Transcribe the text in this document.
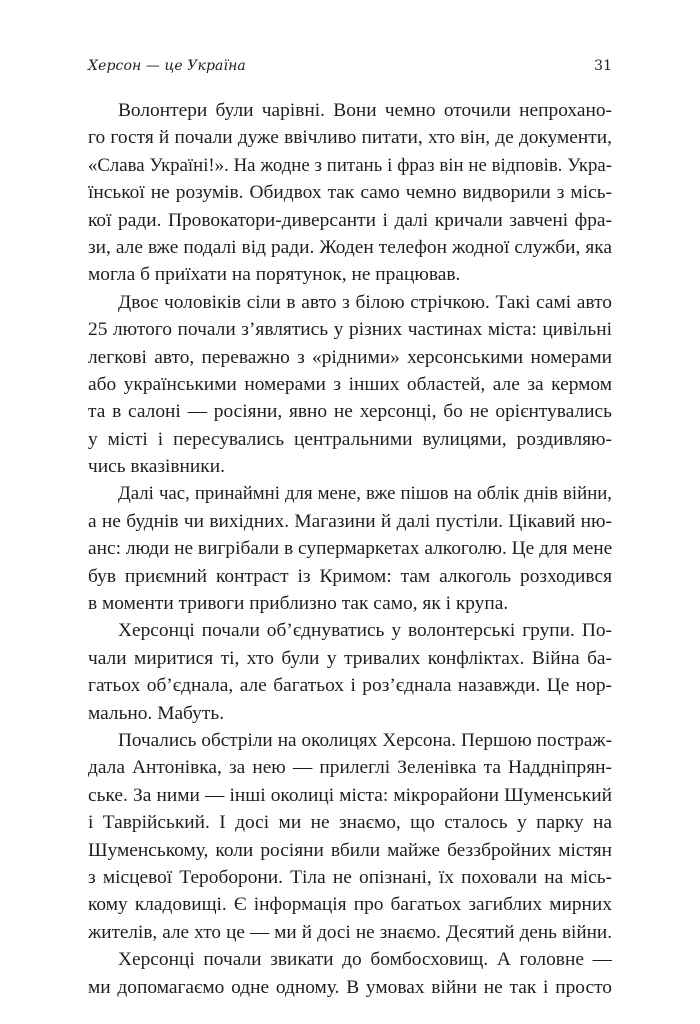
Херсон — це Україна	31
Волонтери були чарівні. Вони чемно оточили непрохано-
го гостя й почали дуже ввічливо питати, хто він, де документи,
«Слава Україні!». На жодне з питань і фраз він не відповів. Укра-
їнської не розумів. Обидвох так само чемно видворили з місь-
кої ради. Провокатори-диверсанти і далі кричали завчені фра-
зи, але вже подалі від ради. Жоден телефон жодної служби, яка
могла б приїхати на порятунок, не працював.
Двоє чоловіків сіли в авто з білою стрічкою. Такі самі авто
25 лютого почали з’являтись у різних частинах міста: цивільні
легкові авто, переважно з «рідними» херсонськими номерами
або українськими номерами з інших областей, але за кермом
та в салоні — росіяни, явно не херсонці, бо не орієнтувались
у місті і пересувались центральними вулицями, роздивляю-
чись вказівники.
Далі час, принаймні для мене, вже пішов на облік днів війни,
а не буднів чи вихідних. Магазини й далі пустіли. Цікавий ню-
анс: люди не вигрібали в супермаркетах алкоголю. Це для мене
був приємний контраст із Кримом: там алкоголь розходився
в моменти тривоги приблизно так само, як і крупа.
Херсонці почали об’єднуватись у волонтерські групи. По-
чали миритися ті, хто були у тривалих конфліктах. Війна ба-
гатьох об’єднала, але багатьох і роз’єднала назавжди. Це нор-
мально. Мабуть.
Почались обстріли на околицях Херсона. Першою постраж-
дала Антонівка, за нею — прилеглі Зеленівка та Наддніпрян-
ське. За ними — інші околиці міста: мікрорайони Шуменський
і Таврійський. І досі ми не знаємо, що сталось у парку на
Шуменському, коли росіяни вбили майже беззбройних містян
з місцевої Тероборони. Тіла не опізнані, їх поховали на місь-
кому кладовищі. Є інформація про багатьох загиблих мирних
жителів, але хто це — ми й досі не знаємо. Десятий день війни.
Херсонці почали звикати до бомбосховищ. А головне —
ми допомагаємо одне одному. В умовах війни не так і просто
